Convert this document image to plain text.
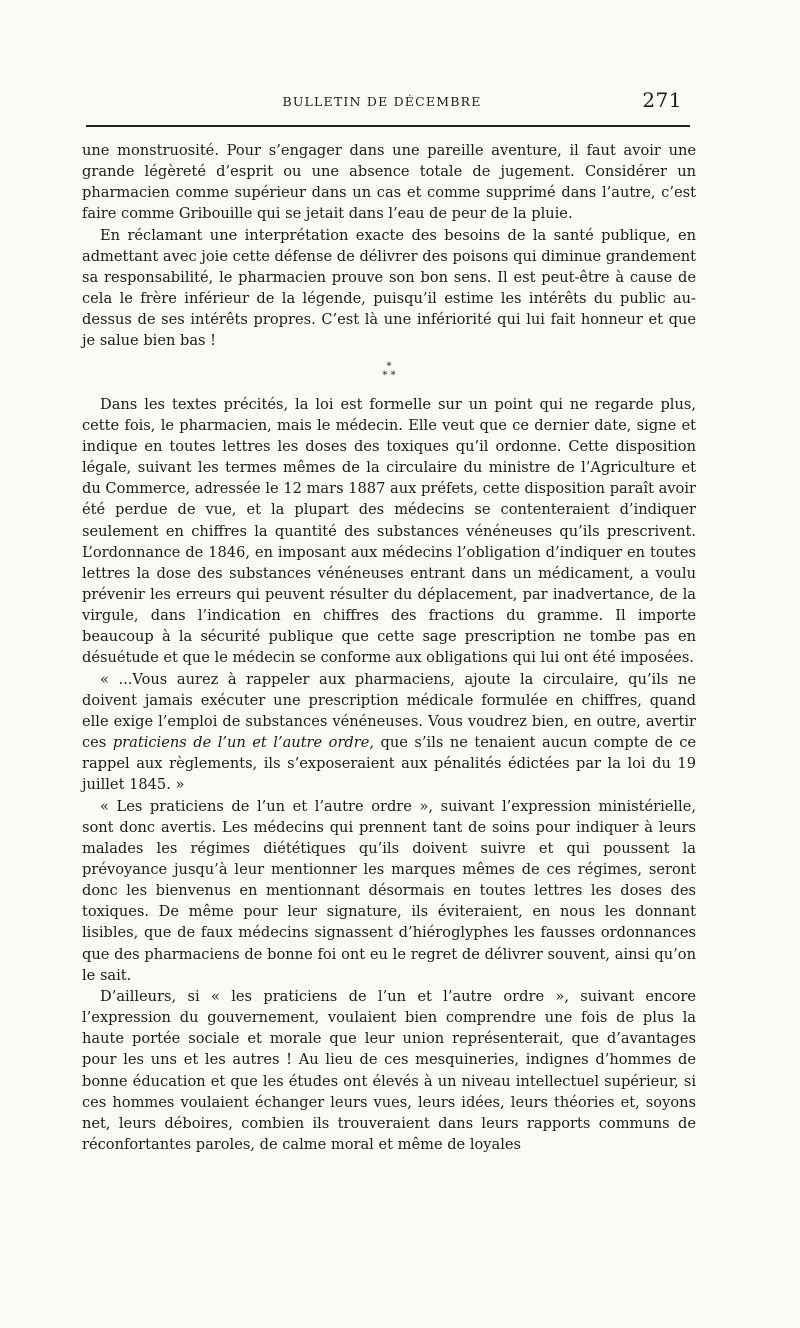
BULLETIN DE DÉCEMBRE	271

une monstruosité. Pour s’engager dans une pareille aventure, il faut avoir une grande légèreté d’esprit ou une absence totale de jugement. Considérer un pharmacien comme supérieur dans un cas et comme supprimé dans l’autre, c’est faire comme Gribouille qui se jetait dans l’eau de peur de la pluie.

En réclamant une interprétation exacte des besoins de la santé publique, en admettant avec joie cette défense de délivrer des poisons qui diminue grandement sa responsabilité, le pharmacien prouve son bon sens. Il est peut-être à cause de cela le frère inférieur de la légende, puisqu’il estime les intérêts du public au-dessus de ses intérêts propres. C’est là une infériorité qui lui fait honneur et que je salue bien bas !

*
* *

Dans les textes précités, la loi est formelle sur un point qui ne regarde plus, cette fois, le pharmacien, mais le médecin. Elle veut que ce dernier date, signe et indique en toutes lettres les doses des toxiques qu’il ordonne. Cette disposition légale, suivant les termes mêmes de la circulaire du ministre de l’Agriculture et du Commerce, adressée le 12 mars 1887 aux préfets, cette disposition paraît avoir été perdue de vue, et la plupart des médecins se contenteraient d’indiquer seulement en chiffres la quantité des substances vénéneuses qu’ils prescrivent. L’ordonnance de 1846, en imposant aux médecins l’obligation d’indiquer en toutes lettres la dose des substances vénéneuses entrant dans un médicament, a voulu prévenir les erreurs qui peuvent résulter du déplacement, par inadvertance, de la virgule, dans l’indication en chiffres des fractions du gramme. Il importe beaucoup à la sécurité publique que cette sage prescription ne tombe pas en désuétude et que le médecin se conforme aux obligations qui lui ont été imposées.

« ...Vous aurez à rappeler aux pharmaciens, ajoute la circulaire, qu’ils ne doivent jamais exécuter une prescription médicale formulée en chiffres, quand elle exige l’emploi de substances vénéneuses. Vous voudrez bien, en outre, avertir ces praticiens de l’un et l’autre ordre, que s’ils ne tenaient aucun compte de ce rappel aux règlements, ils s’exposeraient aux pénalités édictées par la loi du 19 juillet 1845. »

« Les praticiens de l’un et l’autre ordre », suivant l’expression ministérielle, sont donc avertis. Les médecins qui prennent tant de soins pour indiquer à leurs malades les régimes diététiques qu’ils doivent suivre et qui poussent la prévoyance jusqu’à leur mentionner les marques mêmes de ces régimes, seront donc les bienvenus en mentionnant désormais en toutes lettres les doses des toxiques. De même pour leur signature, ils éviteraient, en nous les donnant lisibles, que de faux médecins signassent d’hiéroglyphes les fausses ordonnances que des pharmaciens de bonne foi ont eu le regret de délivrer souvent, ainsi qu’on le sait.

D’ailleurs, si « les praticiens de l’un et l’autre ordre », suivant encore l’expression du gouvernement, voulaient bien comprendre une fois de plus la haute portée sociale et morale que leur union représenterait, que d’avantages pour les uns et les autres ! Au lieu de ces mesquineries, indignes d’hommes de bonne éducation et que les études ont élevés à un niveau intellectuel supérieur, si ces hommes voulaient échanger leurs vues, leurs idées, leurs théories et, soyons net, leurs déboires, combien ils trouveraient dans leurs rapports communs de réconfortantes paroles, de calme moral et même de loyales
